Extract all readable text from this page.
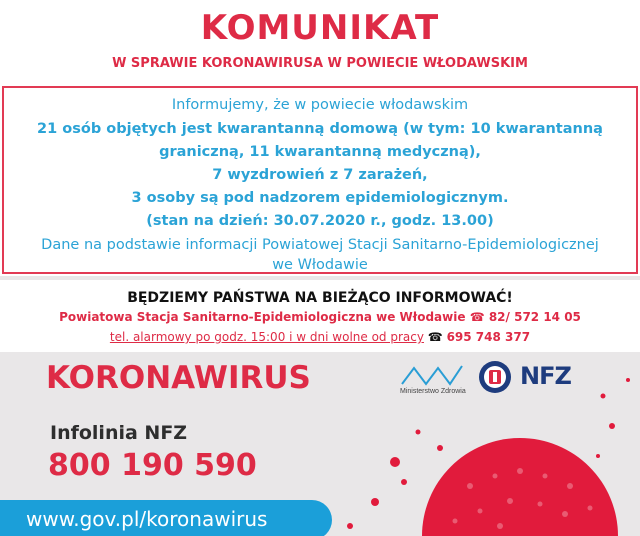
KOMUNIKAT
W SPRAWIE KORONAWIRUSA W POWIECIE WŁODAWSKIM
Informujemy, że w powiecie włodawskim
21 osób objętych jest kwarantanną domową (w tym: 10 kwarantanną
graniczną, 11 kwarantanną medyczną),
7 wyzdrowień z 7 zarażeń,
3 osoby są pod nadzorem epidemiologicznym.
(stan na dzień: 30.07.2020 r., godz. 13.00)
Dane na podstawie informacji Powiatowej Stacji Sanitarno-Epidemiologicznej
we Włodawie
BĘDZIEMY PAŃSTWA NA BIEŻĄCO INFORMOWAĆ!
Powiatowa Stacja Sanitarno-Epidemiologiczna we Włodawie ☎ 82/ 572 14 05
tel. alarmowy po godz. 15:00 i w dni wolne od pracy ☎ 695 748 377
KORONAWIRUS	Ministerstwo Zdrowia
NFZ
Infolinia NFZ
800 190 590
www.gov.pl/koronawirus
